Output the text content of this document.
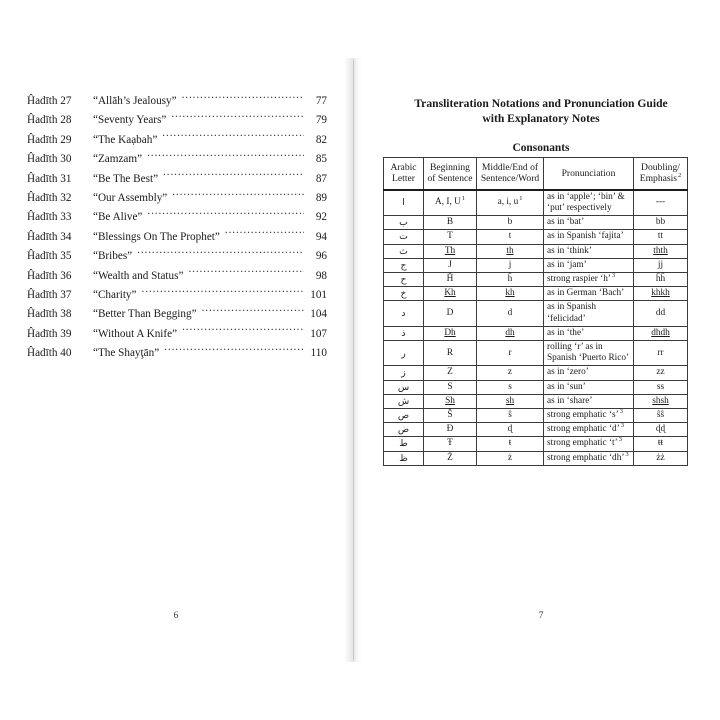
Ĥadīth 27	“Allāh’s Jealousy” .....	77
Ĥadīth 28	“Seventy Years” .....	79
Ĥadīth 29	“The Kaạbah” .....	82
Ĥadīth 30	“Zamzam” .....	85
Ĥadīth 31	“Be The Best” .....	87
Ĥadīth 32	“Our Assembly” .....	89
Ĥadīth 33	“Be Alive” .....	92
Ĥadīth 34	“Blessings On The Prophet” .....	94
Ĥadīth 35	“Bribes” .....	96
Ĥadīth 36	“Wealth and Status” .....	98
Ĥadīth 37	“Charity” .....	101
Ĥadīth 38	“Better Than Begging” .....	104
Ĥadīth 39	“Without A Knife” .....	107
Ĥadīth 40	“The Shayţān” .....	110
6
Transliteration Notations and Pronunciation Guide
with Explanatory Notes
Consonants
Arabic Letter	Beginning of Sentence	Middle/End of Sentence/Word	Pronunciation	Doubling/ Emphasis$^2$
ا	A, I, $U^1$	a, i, $u^1$	as in ‘apple’; ‘bin’ & ‘put’ respectively	---
ب	B	b	as in ‘bat’	bb
ت	T	t	as in Spanish ‘fajita’	tt
ث	Th	th	as in ‘think’	thth
ج	J	j	as in ‘jam’	jj
ح	Ĥ	ĥ	strong raspier ‘h’$^3$	ĥĥ
خ	Kh	kh	as in German ‘Bach’	khkh
د	D	d	as in Spanish ‘felicidad’	dd
ذ	Dh	dh	as in ‘the’	dhdh
ر	R	r	rolling ‘r’ as in Spanish ‘Puerto Rico’	rr
ز	Z	z	as in ‘zero’	zz
س	S	s	as in ‘sun’	ss
ش	Sh	sh	as in ‘share’	shsh
ص	Ŝ	ŝ	strong emphatic ‘s’$^3$	ŝŝ
ض	Ɖ	ɖ	strong emphatic ‘d’$^3$	ɖɖ
ط	Ŧ	ŧ	strong emphatic ‘t’$^3$	ŧŧ
ظ	Ż	ż	strong emphatic ‘dh’$^3$	żż
7
